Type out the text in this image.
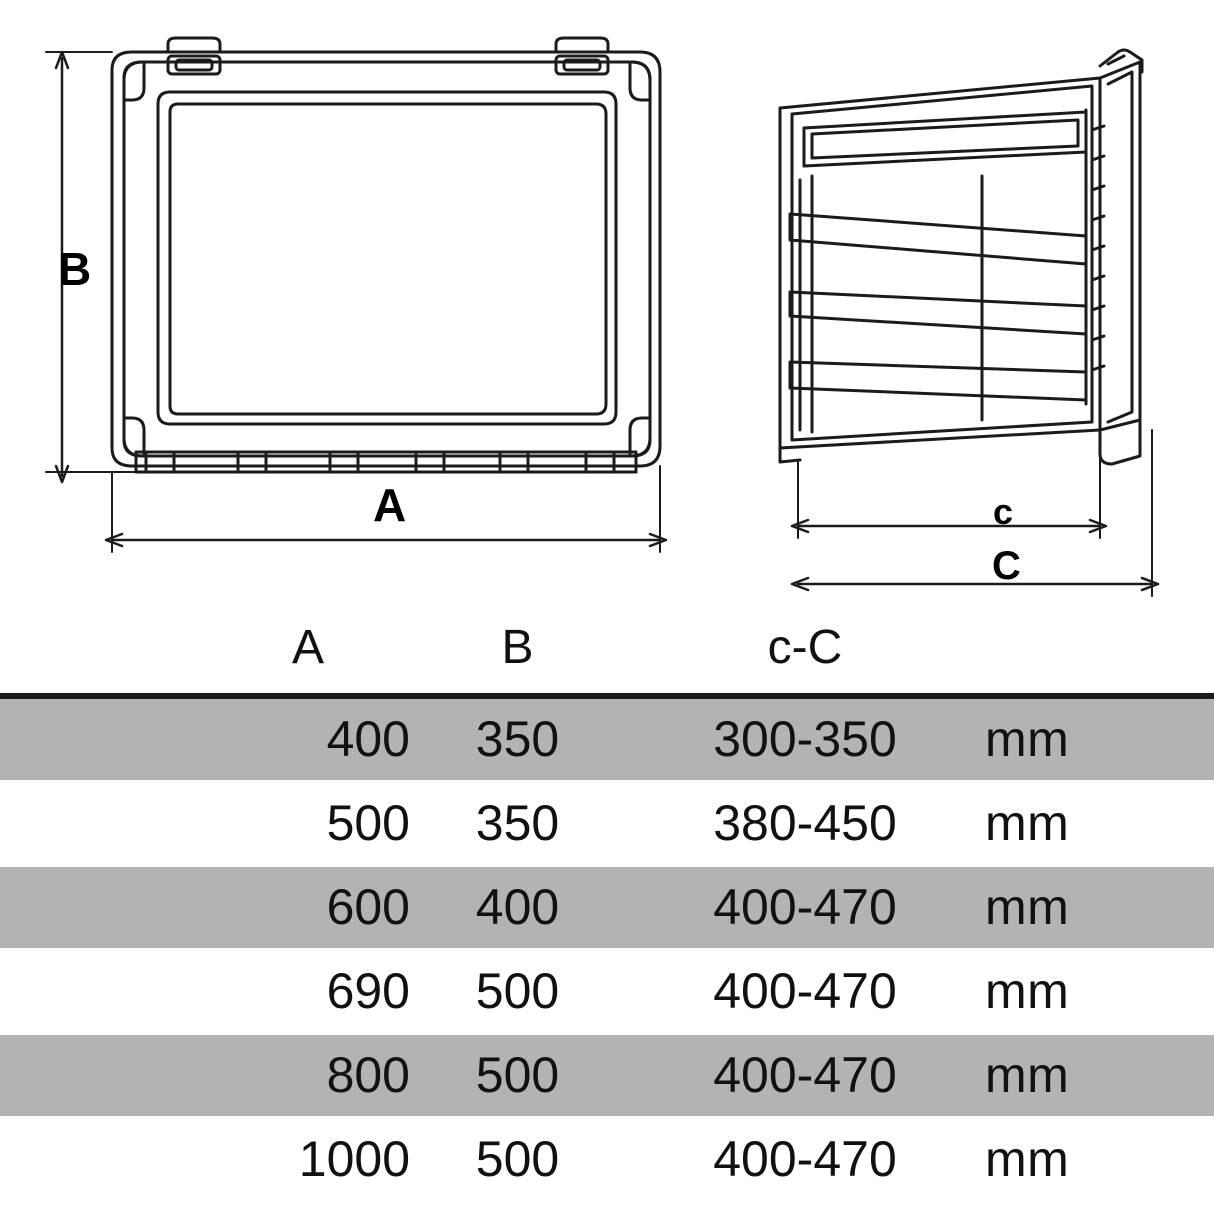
B
A	c
C
A	B	c-C	

400	350	300-350	mm
500	350	380-450	mm
600	400	400-470	mm
690	500	400-470	mm
800	500	400-470	mm
1000	500	400-470	mm
